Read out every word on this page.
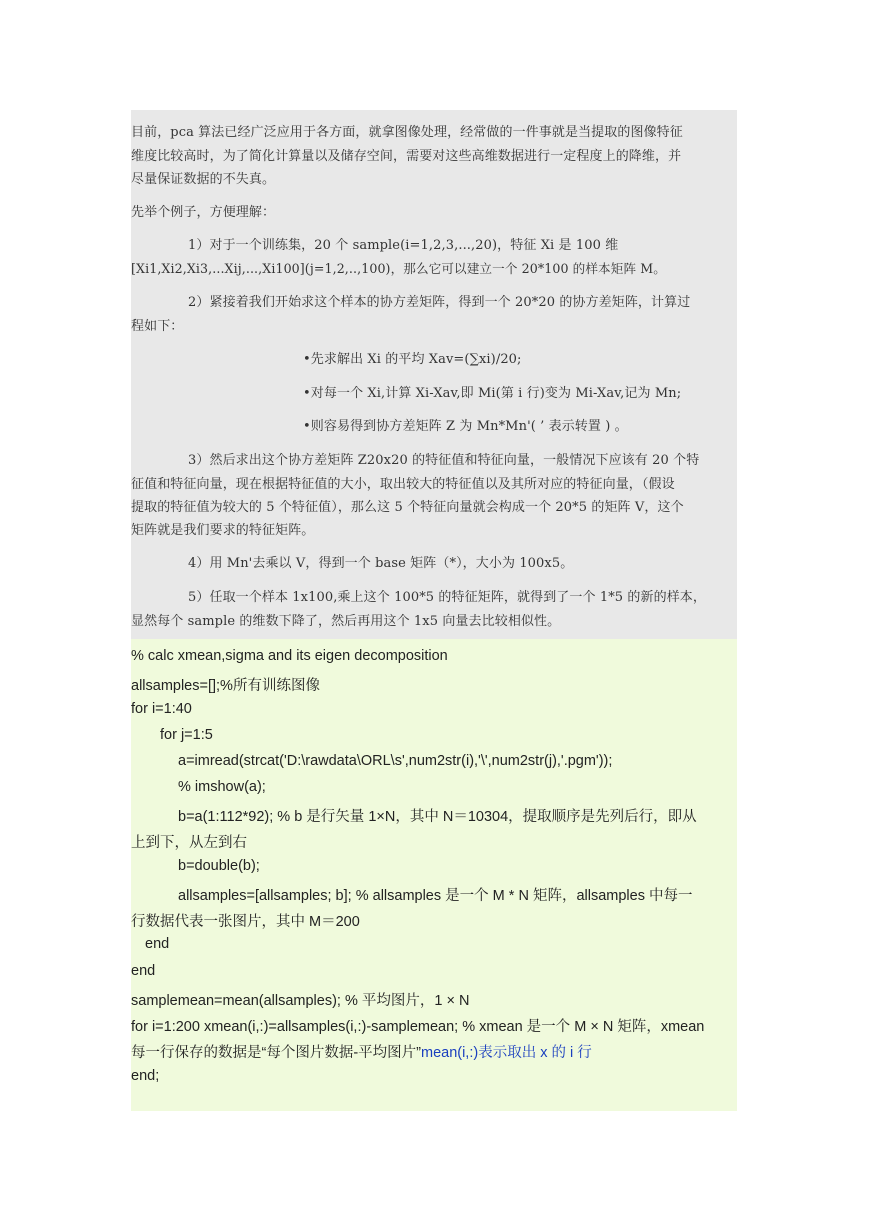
目前，pca 算法已经广泛应用于各方面，就拿图像处理，经常做的一件事就是当提取的图像特征

维度比较高时，为了简化计算量以及储存空间，需要对这些高维数据进行一定程度上的降维，并

尽量保证数据的不失真。

先举个例子，方便理解：

1）对于一个训练集，20 个 sample(i=1,2,3,...,20)，特征 Xi 是 100 维

[Xi1,Xi2,Xi3,...Xij,...,Xi100](j=1,2,..,100)，那么它可以建立一个 20*100 的样本矩阵 M。

2）紧接着我们开始求这个样本的协方差矩阵，得到一个 20*20 的协方差矩阵，计算过

程如下：

•先求解出 Xi 的平均 Xav=(∑xi)/20;

•对每一个 Xi,计算 Xi-Xav,即 Mi(第 i 行)变为 Mi-Xav,记为 Mn;

•则容易得到协方差矩阵 Z 为 Mn*Mn'( ’ 表示转置 ) 。

3）然后求出这个协方差矩阵 Z20x20 的特征值和特征向量，一般情况下应该有 20 个特

征值和特征向量，现在根据特征值的大小，取出较大的特征值以及其所对应的特征向量，（假设

提取的特征值为较大的 5 个特征值），那么这 5 个特征向量就会构成一个 20*5 的矩阵 V，这个

矩阵就是我们要求的特征矩阵。

4）用 Mn'去乘以 V，得到一个 base 矩阵（*），大小为 100x5。

5）任取一个样本 1x100,乘上这个 100*5 的特征矩阵，就得到了一个 1*5 的新的样本，

显然每个 sample 的维数下降了，然后再用这个 1x5 向量去比较相似性。

% calc xmean,sigma and its eigen decomposition

allsamples=[];%所有训练图像

for i=1:40

for j=1:5

a=imread(strcat('D:\rawdata\ORL\s',num2str(i),'\',num2str(j),'.pgm'));

% imshow(a);

b=a(1:112*92); % b 是行矢量 1×N，其中 N＝10304，提取顺序是先列后行，即从

上到下，从左到右

b=double(b);

allsamples=[allsamples; b]; % allsamples 是一个 M * N 矩阵，allsamples 中每一

行数据代表一张图片，其中 M＝200

end

end

samplemean=mean(allsamples); % 平均图片，1 × N

for i=1:200 xmean(i,:)=allsamples(i,:)-samplemean; % xmean 是一个 M × N 矩阵，xmean

每一行保存的数据是“每个图片数据-平均图片”mean(i,:)表示取出 x 的 i 行

end;
